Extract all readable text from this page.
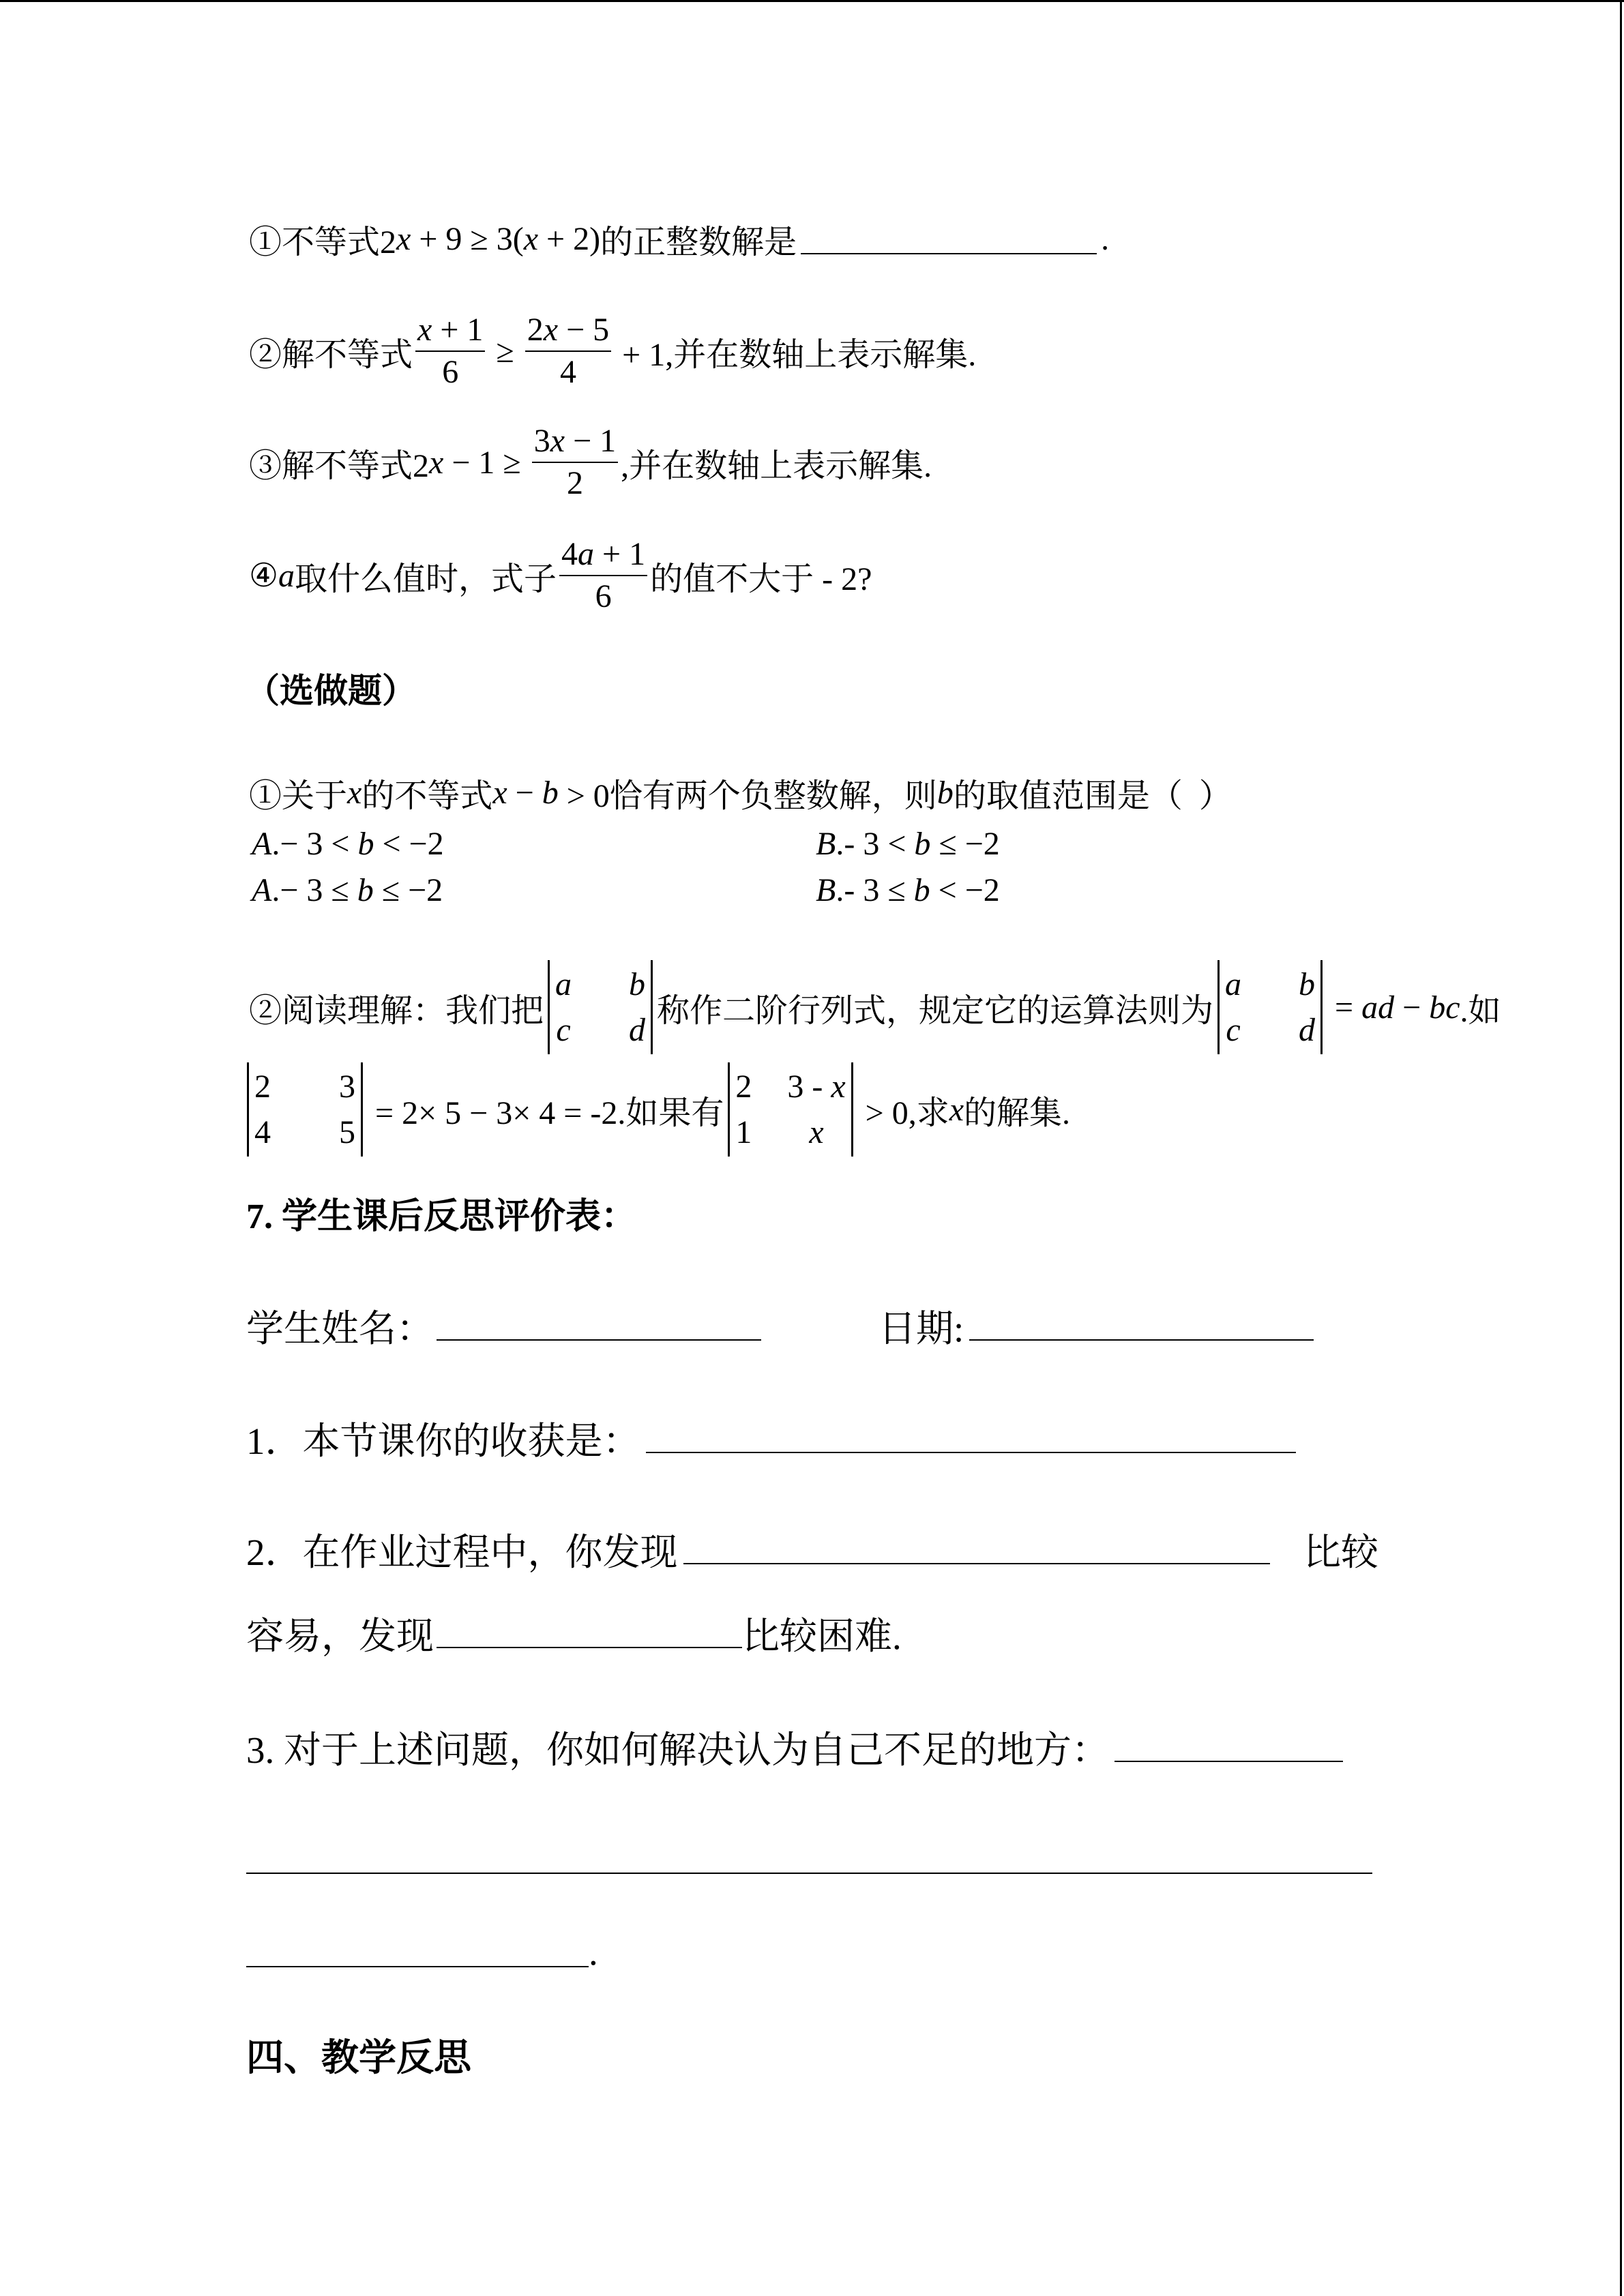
①不等式2 x + 9 ≥ 3( x + 2) 的正整数解是	.
②解不等式 $\frac{x + 1}{6} \ge \frac{2x - 5}{4} + 1$,并在数轴上表示解集.
③解不等式2 $x - 1 \ge \frac{3x - 1}{2}$ ,并在数轴上表示解集.
④ a 取什么值时，式子 $\frac{4a + 1}{6}$ 的值不大于 - 2?
（选做题）
①关于 x 的不等式 x − b > 0恰有两个负整数解，则 b 的取值范围是（  ）
A .− 3 < b < −2	B .- 3 < b ≤ −2
A .− 3 ≤ b ≤ −2	B .- 3 ≤ b < −2
②阅读理解：我们把
a b
c d
称作二阶行列式，规定它的运算法则为
a b
c d
= ad − bc .如
2 3
4 5
= 2× 5 − 3× 4 = -2.如果有
2 3 - x
1	x
> 0,求 x 的解集.
7. 学生课后反思评价表：
学生姓名：	日期:
1．本节课你的收获是：
2．在作业过程中，你发现	比较
容易，发现	比较困难.
3. 对于上述问题，你如何解决认为自己不足的地方：
.
四、教学反思
